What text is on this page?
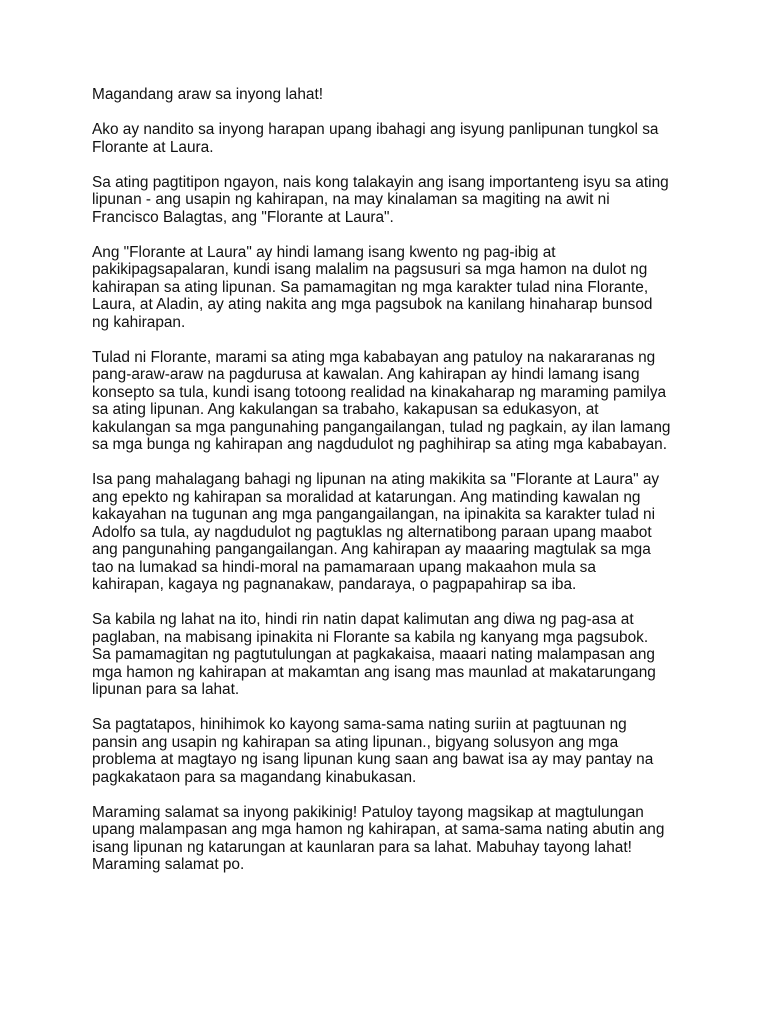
Magandang araw sa inyong lahat!

Ako ay nandito sa inyong harapan upang ibahagi ang isyung panlipunan tungkol sa
Florante at Laura.

Sa ating pagtitipon ngayon, nais kong talakayin ang isang importanteng isyu sa ating
lipunan - ang usapin ng kahirapan, na may kinalaman sa magiting na awit ni
Francisco Balagtas, ang "Florante at Laura".

Ang "Florante at Laura" ay hindi lamang isang kwento ng pag-ibig at
pakikipagsapalaran, kundi isang malalim na pagsusuri sa mga hamon na dulot ng
kahirapan sa ating lipunan. Sa pamamagitan ng mga karakter tulad nina Florante,
Laura, at Aladin, ay ating nakita ang mga pagsubok na kanilang hinaharap bunsod
ng kahirapan.

Tulad ni Florante, marami sa ating mga kababayan ang patuloy na nakararanas ng
pang-araw-araw na pagdurusa at kawalan. Ang kahirapan ay hindi lamang isang
konsepto sa tula, kundi isang totoong realidad na kinakaharap ng maraming pamilya
sa ating lipunan. Ang kakulangan sa trabaho, kakapusan sa edukasyon, at
kakulangan sa mga pangunahing pangangailangan, tulad ng pagkain, ay ilan lamang
sa mga bunga ng kahirapan ang nagdudulot ng paghihirap sa ating mga kababayan.

Isa pang mahalagang bahagi ng lipunan na ating makikita sa "Florante at Laura" ay
ang epekto ng kahirapan sa moralidad at katarungan. Ang matinding kawalan ng
kakayahan na tugunan ang mga pangangailangan, na ipinakita sa karakter tulad ni
Adolfo sa tula, ay nagdudulot ng pagtuklas ng alternatibong paraan upang maabot
ang pangunahing pangangailangan. Ang kahirapan ay maaaring magtulak sa mga
tao na lumakad sa hindi-moral na pamamaraan upang makaahon mula sa
kahirapan, kagaya ng pagnanakaw, pandaraya, o pagpapahirap sa iba.

Sa kabila ng lahat na ito, hindi rin natin dapat kalimutan ang diwa ng pag-asa at
paglaban, na mabisang ipinakita ni Florante sa kabila ng kanyang mga pagsubok.
Sa pamamagitan ng pagtutulungan at pagkakaisa, maaari nating malampasan ang
mga hamon ng kahirapan at makamtan ang isang mas maunlad at makatarungang
lipunan para sa lahat.

Sa pagtatapos, hinihimok ko kayong sama-sama nating suriin at pagtuunan ng
pansin ang usapin ng kahirapan sa ating lipunan., bigyang solusyon ang mga
problema at magtayo ng isang lipunan kung saan ang bawat isa ay may pantay na
pagkakataon para sa magandang kinabukasan.

Maraming salamat sa inyong pakikinig! Patuloy tayong magsikap at magtulungan
upang malampasan ang mga hamon ng kahirapan, at sama-sama nating abutin ang
isang lipunan ng katarungan at kaunlaran para sa lahat. Mabuhay tayong lahat!
Maraming salamat po.
